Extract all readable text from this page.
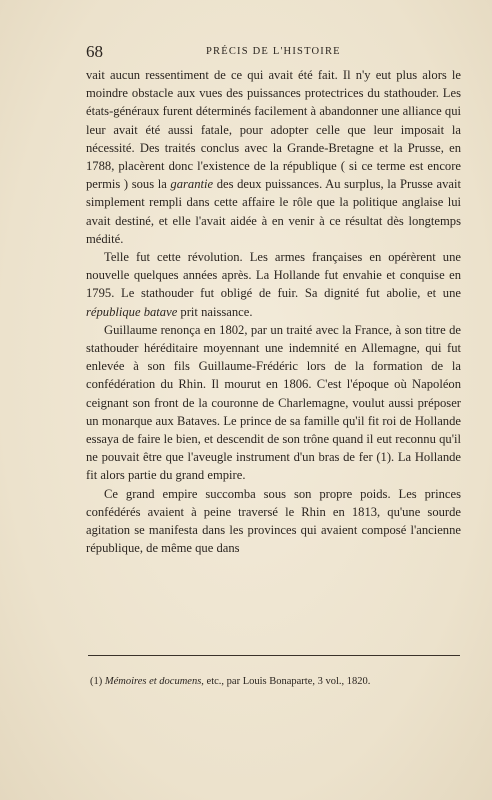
68	PRÉCIS DE L'HISTOIRE

vait aucun ressentiment de ce qui avait été fait. Il n'y eut plus alors le moindre obstacle aux vues des puissances protectrices du stathouder. Les états-généraux furent déterminés facilement à abandonner une alliance qui leur avait été aussi fatale, pour adopter celle que leur imposait la nécessité. Des traités conclus avec la Grande-Bretagne et la Prusse, en 1788, placèrent donc l'existence de la république ( si ce terme est encore permis ) sous la garantie des deux puissances. Au surplus, la Prusse avait simplement rempli dans cette affaire le rôle que la politique anglaise lui avait destiné, et elle l'avait aidée à en venir à ce résultat dès longtemps médité.

Telle fut cette révolution. Les armes françaises en opérèrent une nouvelle quelques années après. La Hollande fut envahie et conquise en 1795. Le stathouder fut obligé de fuir. Sa dignité fut abolie, et une république batave prit naissance.

Guillaume renonça en 1802, par un traité avec la France, à son titre de stathouder héréditaire moyennant une indemnité en Allemagne, qui fut enlevée à son fils Guillaume-Frédéric lors de la formation de la confédération du Rhin. Il mourut en 1806. C'est l'époque où Napoléon ceignant son front de la couronne de Charlemagne, voulut aussi préposer un monarque aux Bataves. Le prince de sa famille qu'il fit roi de Hollande essaya de faire le bien, et descendit de son trône quand il eut reconnu qu'il ne pouvait être que l'aveugle instrument d'un bras de fer (1). La Hollande fit alors partie du grand empire.

Ce grand empire succomba sous son propre poids. Les princes confédérés avaient à peine traversé le Rhin en 1813, qu'une sourde agitation se manifesta dans les provinces qui avaient composé l'ancienne république, de même que dans

(1) Mémoires et documens, etc., par Louis Bonaparte, 3 vol., 1820.
